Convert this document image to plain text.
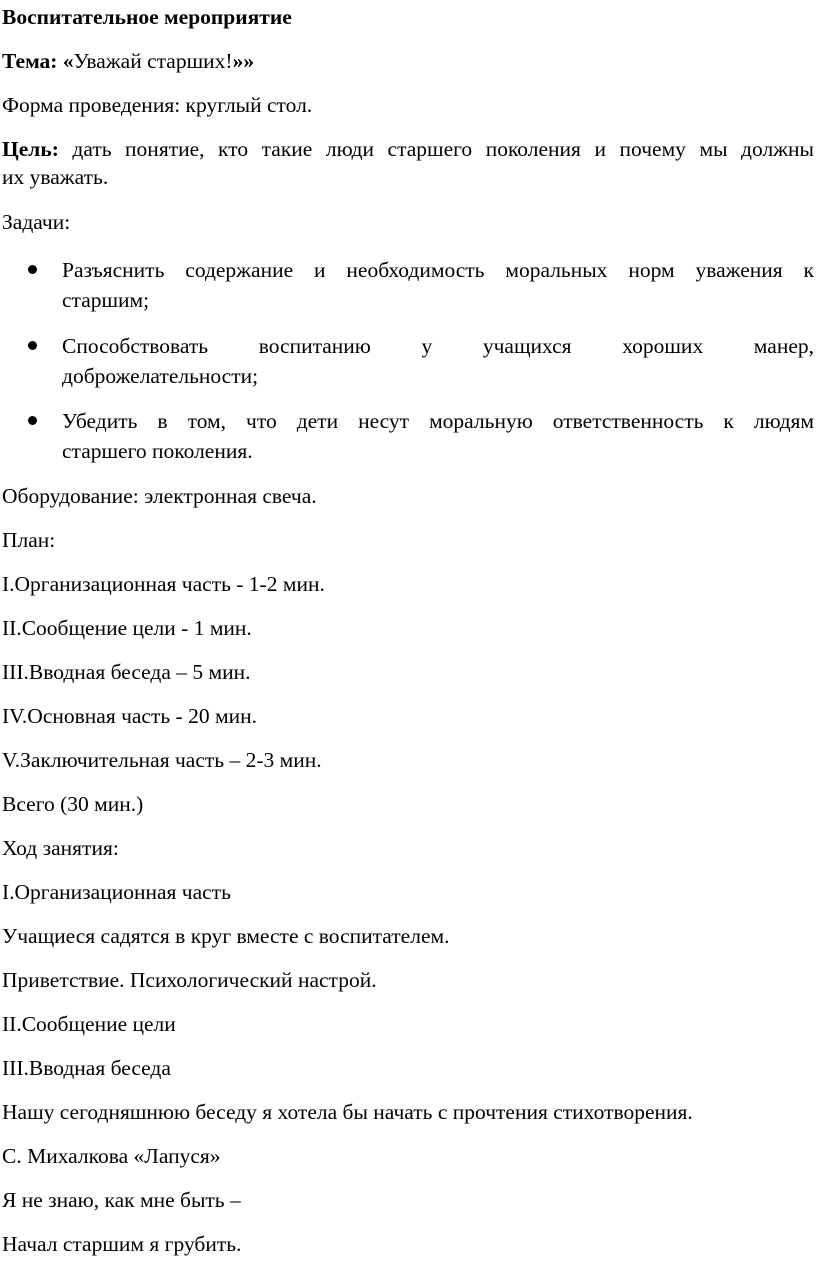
Воспитательное мероприятие

Тема: «Уважай старших!»»

Форма проведения: круглый стол.

Цель: дать понятие, кто такие люди старшего поколения и почему мы должны
их уважать.

Задачи:

Разъяснить содержание и необходимость моральных норм уважения к
старшим;
Способствовать воспитанию у учащихся хороших манер,
доброжелательности;
Убедить в том, что дети несут моральную ответственность к людям
старшего поколения.

Оборудование: электронная свеча.

План:

I.Организационная часть - 1-2 мин.

II.Сообщение цели - 1 мин.

III.Вводная беседа – 5 мин.

IV.Основная часть - 20 мин.

V.Заключительная часть – 2-3 мин.

Всего (30 мин.)

Ход занятия:

I.Организационная часть

Учащиеся садятся в круг вместе с воспитателем.

Приветствие. Психологический настрой.

II.Сообщение цели

III.Вводная беседа

Нашу сегодняшнюю беседу я хотела бы начать с прочтения стихотворения.

С. Михалкова «Лапуся»

Я не знаю, как мне быть –

Начал старшим я грубить.
